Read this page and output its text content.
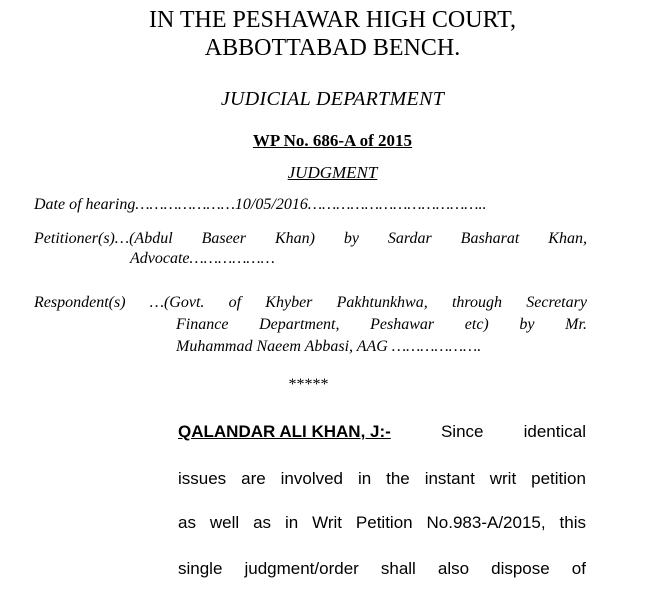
IN THE PESHAWAR HIGH COURT,
ABBOTTABAD BENCH.
JUDICIAL DEPARTMENT
WP No. 686-A of 2015
JUDGMENT
Date of hearing…………………10/05/2016………………………………..
Petitioner(s)…(Abdul Baseer Khan) by Sardar Basharat Khan,
Advocate………………
Respondent(s) …(Govt. of Khyber Pakhtunkhwa, through Secretary
Finance Department, Peshawar etc) by Mr.
Muhammad Naeem Abbasi, AAG ……………….
*****
QALANDAR ALI KHAN, J:-	Since identical
issues are involved in the instant writ petition
as well as in Writ Petition No.983-A/2015, this
single judgment/order shall also dispose of
